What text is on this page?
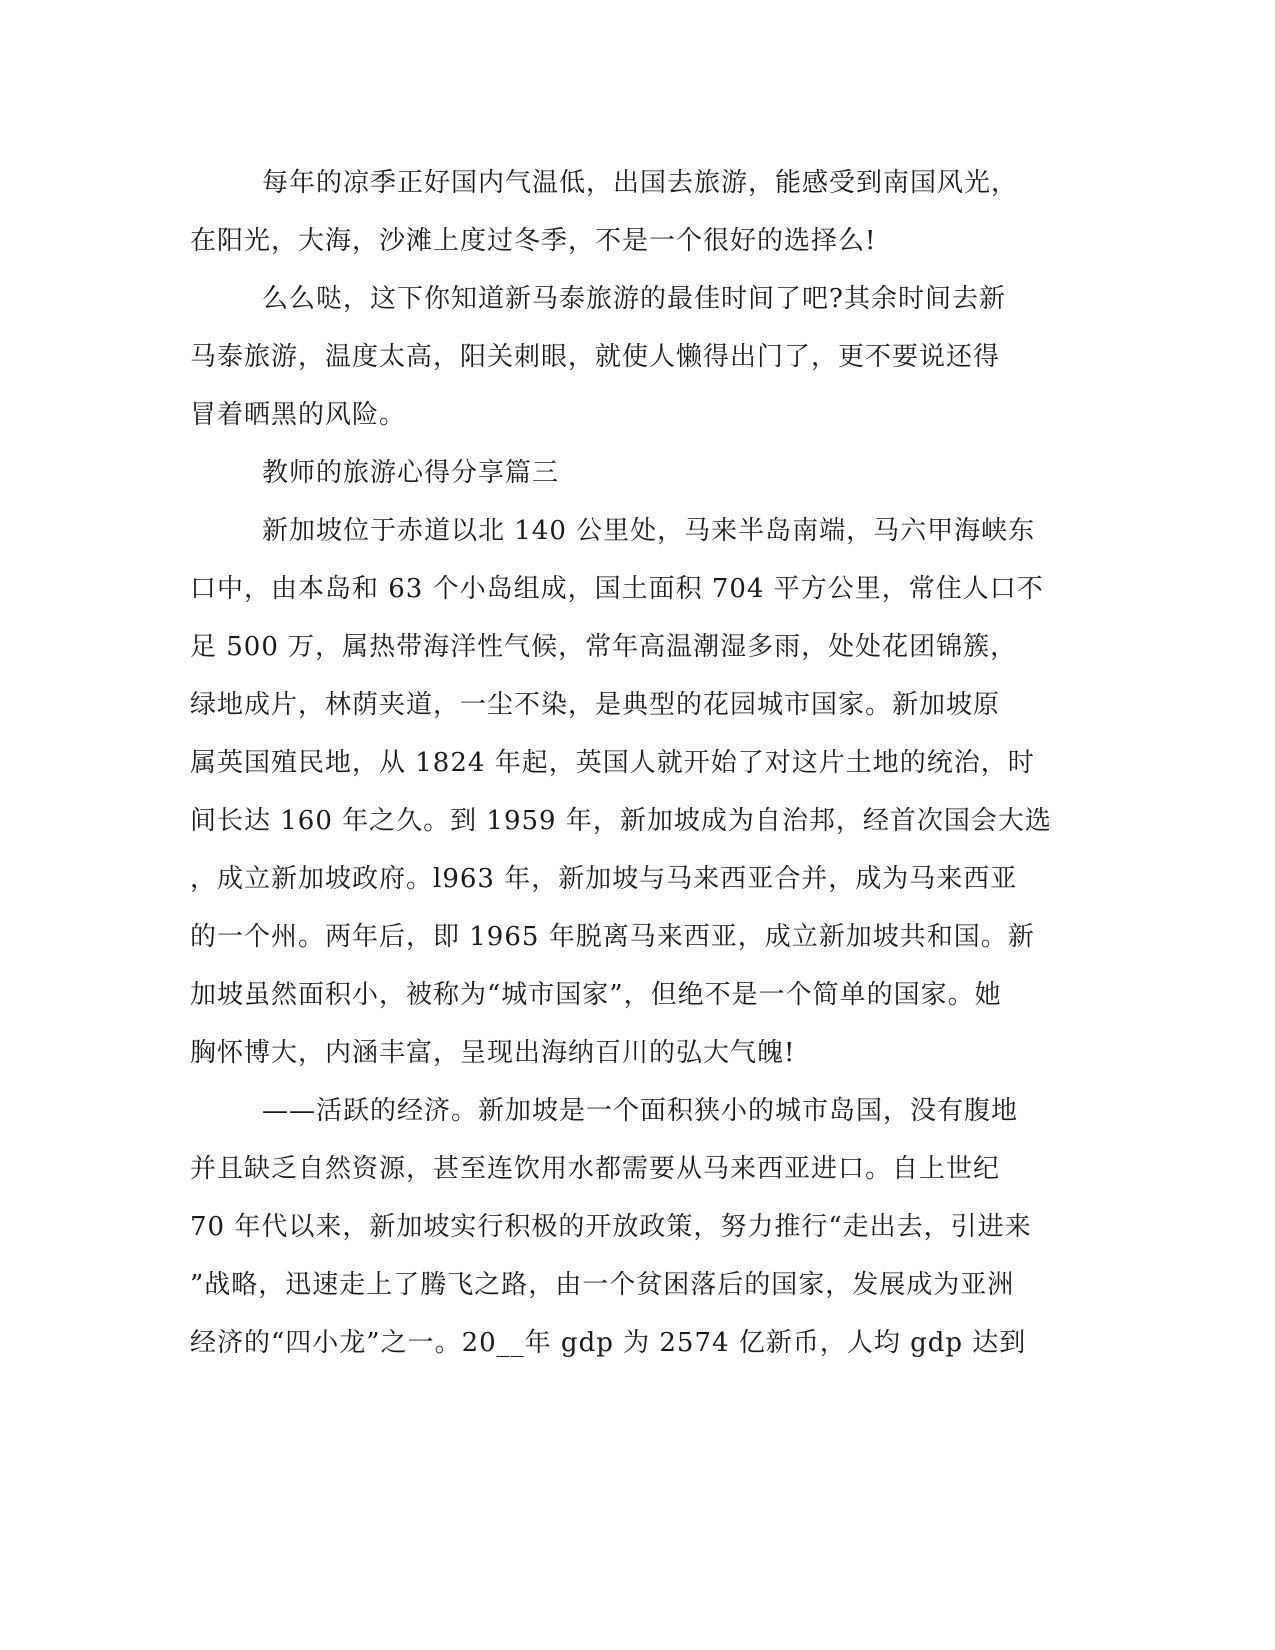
每年的凉季正好国内气温低，出国去旅游，能感受到南国风光，
在阳光，大海，沙滩上度过冬季，不是一个很好的选择么!
么么哒，这下你知道新马泰旅游的最佳时间了吧?其余时间去新
马泰旅游，温度太高，阳关刺眼，就使人懒得出门了，更不要说还得
冒着晒黑的风险。
教师的旅游心得分享篇三
新加坡位于赤道以北 140 公里处，马来半岛南端，马六甲海峡东
口中，由本岛和 63 个小岛组成，国土面积 704 平方公里，常住人口不
足 500 万，属热带海洋性气候，常年高温潮湿多雨，处处花团锦簇，
绿地成片，林荫夹道，一尘不染，是典型的花园城市国家。新加坡原
属英国殖民地，从 1824 年起，英国人就开始了对这片土地的统治，时
间长达 160 年之久。到 1959 年，新加坡成为自治邦，经首次国会大选
，成立新加坡政府。l963 年，新加坡与马来西亚合并，成为马来西亚
的一个州。两年后，即 1965 年脱离马来西亚，成立新加坡共和国。新
加坡虽然面积小，被称为“城市国家”，但绝不是一个简单的国家。她
胸怀博大，内涵丰富，呈现出海纳百川的弘大气魄!
——活跃的经济。新加坡是一个面积狭小的城市岛国，没有腹地
并且缺乏自然资源，甚至连饮用水都需要从马来西亚进口。自上世纪
70 年代以来，新加坡实行积极的开放政策，努力推行“走出去，引进来
”战略，迅速走上了腾飞之路，由一个贫困落后的国家，发展成为亚洲
经济的“四小龙”之一。20__年 gdp 为 2574 亿新币，人均 gdp 达到
